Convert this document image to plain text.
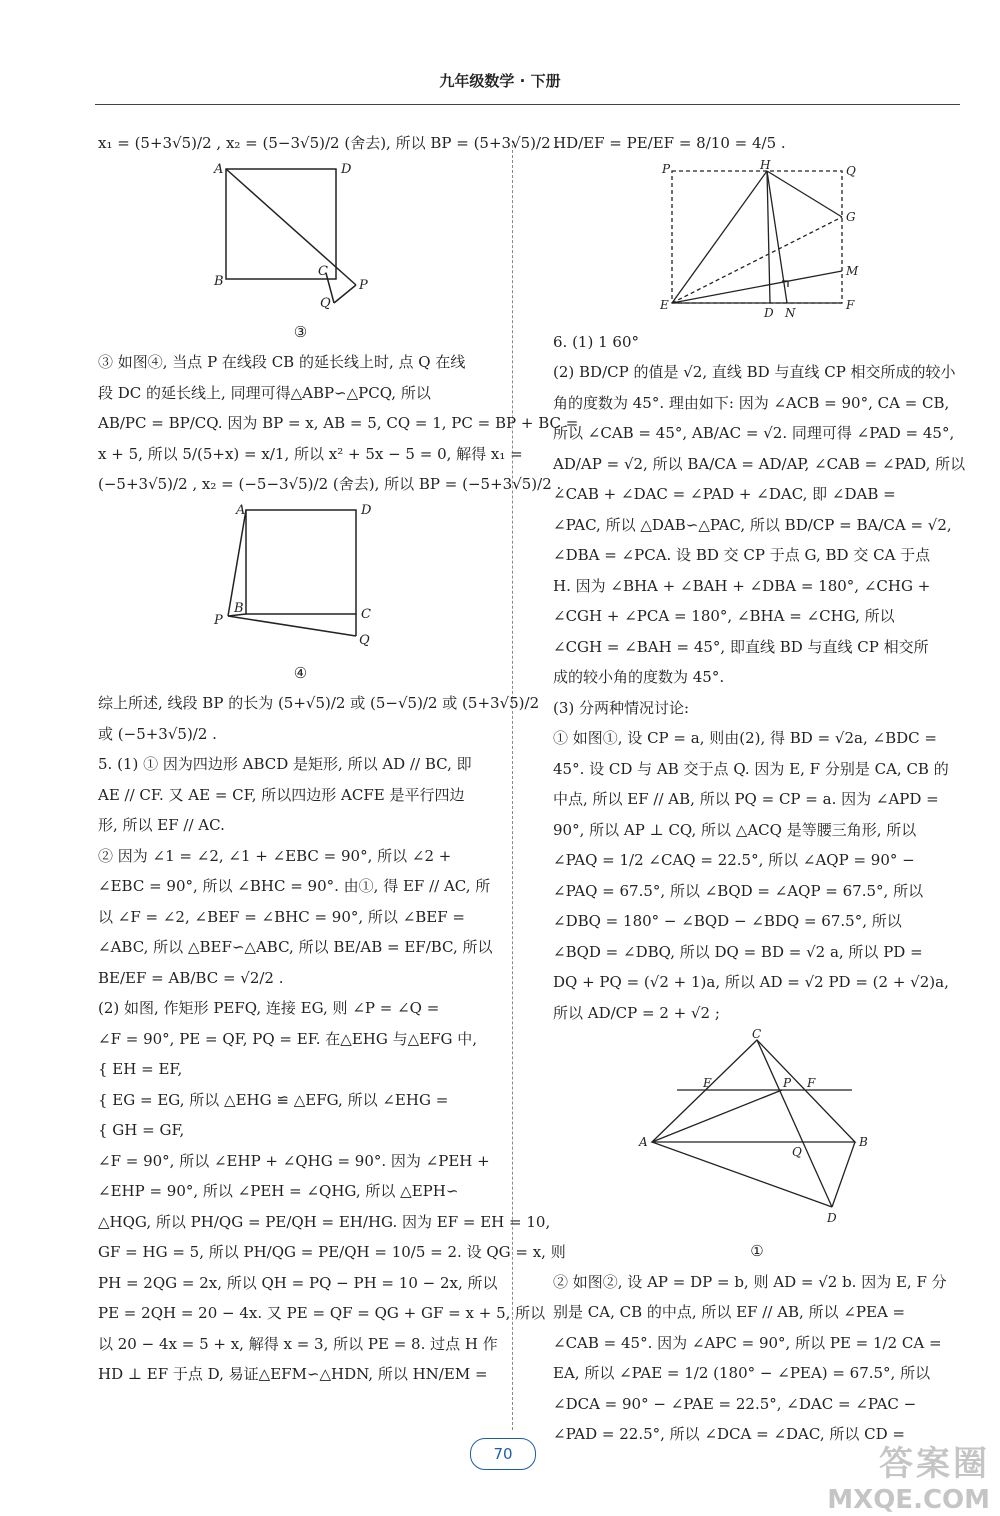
九年级数学 · 下册
x₁ = (5+3√5)/2 , x₂ = (5−3√5)/2 (舍去), 所以 BP = (5+3√5)/2 .
A	D
B
C
P
Q
③
③ 如图④, 当点 P 在线段 CB 的延长线上时, 点 Q 在线
段 DC 的延长线上, 同理可得△ABP∽△PCQ, 所以
AB/PC = BP/CQ. 因为 BP = x, AB = 5, CQ = 1, PC = BP + BC =
x + 5, 所以 5/(5+x) = x/1, 所以 x² + 5x − 5 = 0, 解得 x₁ =
(−5+3√5)/2 , x₂ = (−5−3√5)/2 (舍去), 所以 BP = (−5+3√5)/2 .
A	D
B	C
P
Q
④
综上所述, 线段 BP 的长为 (5+√5)/2 或 (5−√5)/2 或 (5+3√5)/2
或 (−5+3√5)/2 .
5. (1) ① 因为四边形 ABCD 是矩形, 所以 AD // BC, 即
AE // CF. 又 AE = CF, 所以四边形 ACFE 是平行四边
形, 所以 EF // AC.
② 因为 ∠1 = ∠2, ∠1 + ∠EBC = 90°, 所以 ∠2 +
∠EBC = 90°, 所以 ∠BHC = 90°. 由①, 得 EF // AC, 所
以 ∠F = ∠2, ∠BEF = ∠BHC = 90°, 所以 ∠BEF =
∠ABC, 所以 △BEF∽△ABC, 所以 BE/AB = EF/BC, 所以
BE/EF = AB/BC = √2/2 .
(2) 如图, 作矩形 PEFQ, 连接 EG, 则 ∠P = ∠Q =
∠F = 90°, PE = QF, PQ = EF. 在△EHG 与△EFG 中,
{ EH = EF,
{ EG = EG, 所以 △EHG ≌ △EFG, 所以 ∠EHG =
{ GH = GF,
∠F = 90°, 所以 ∠EHP + ∠QHG = 90°. 因为 ∠PEH +
∠EHP = 90°, 所以 ∠PEH = ∠QHG, 所以 △EPH∽
△HQG, 所以 PH/QG = PE/QH = EH/HG. 因为 EF = EH = 10,
GF = HG = 5, 所以 PH/QG = PE/QH = 10/5 = 2. 设 QG = x, 则
PH = 2QG = 2x, 所以 QH = PQ − PH = 10 − 2x, 所以
PE = 2QH = 20 − 4x. 又 PE = QF = QG + GF = x + 5, 所以
以 20 − 4x = 5 + x, 解得 x = 3, 所以 PE = 8. 过点 H 作
HD ⊥ EF 于点 D, 易证△EFM∽△HDN, 所以 HN/EM =
HD/EF = PE/EF = 8/10 = 4/5 .
P	H	Q
G
M
E
D N
F
6. (1) 1 60°
(2) BD/CP 的值是 √2, 直线 BD 与直线 CP 相交所成的较小
角的度数为 45°. 理由如下: 因为 ∠ACB = 90°, CA = CB,
所以 ∠CAB = 45°, AB/AC = √2. 同理可得 ∠PAD = 45°,
AD/AP = √2, 所以 BA/CA = AD/AP, ∠CAB = ∠PAD, 所以
∠CAB + ∠DAC = ∠PAD + ∠DAC, 即 ∠DAB =
∠PAC, 所以 △DAB∽△PAC, 所以 BD/CP = BA/CA = √2,
∠DBA = ∠PCA. 设 BD 交 CP 于点 G, BD 交 CA 于点
H. 因为 ∠BHA + ∠BAH + ∠DBA = 180°, ∠CHG +
∠CGH + ∠PCA = 180°, ∠BHA = ∠CHG, 所以
∠CGH = ∠BAH = 45°, 即直线 BD 与直线 CP 相交所
成的较小角的度数为 45°.
(3) 分两种情况讨论:
① 如图①, 设 CP = a, 则由(2), 得 BD = √2a, ∠BDC =
45°. 设 CD 与 AB 交于点 Q. 因为 E, F 分别是 CA, CB 的
中点, 所以 EF // AB, 所以 PQ = CP = a. 因为 ∠APD =
90°, 所以 AP ⊥ CQ, 所以 △ACQ 是等腰三角形, 所以
∠PAQ = 1/2 ∠CAQ = 22.5°, 所以 ∠AQP = 90° −
∠PAQ = 67.5°, 所以 ∠BQD = ∠AQP = 67.5°, 所以
∠DBQ = 180° − ∠BQD − ∠BDQ = 67.5°, 所以
∠BQD = ∠DBQ, 所以 DQ = BD = √2 a, 所以 PD =
DQ + PQ = (√2 + 1)a, 所以 AD = √2 PD = (2 + √2)a,
所以 AD/CP = 2 + √2 ;
C
E	P F
A
Q
B
D
①
② 如图②, 设 AP = DP = b, 则 AD = √2 b. 因为 E, F 分
别是 CA, CB 的中点, 所以 EF // AB, 所以 ∠PEA =
∠CAB = 45°. 因为 ∠APC = 90°, 所以 PE = 1/2 CA =
EA, 所以 ∠PAE = 1/2 (180° − ∠PEA) = 67.5°, 所以
∠DCA = 90° − ∠PAE = 22.5°, ∠DAC = ∠PAC −
∠PAD = 22.5°, 所以 ∠DCA = ∠DAC, 所以 CD =
70	答案圈
MXQE.COM
